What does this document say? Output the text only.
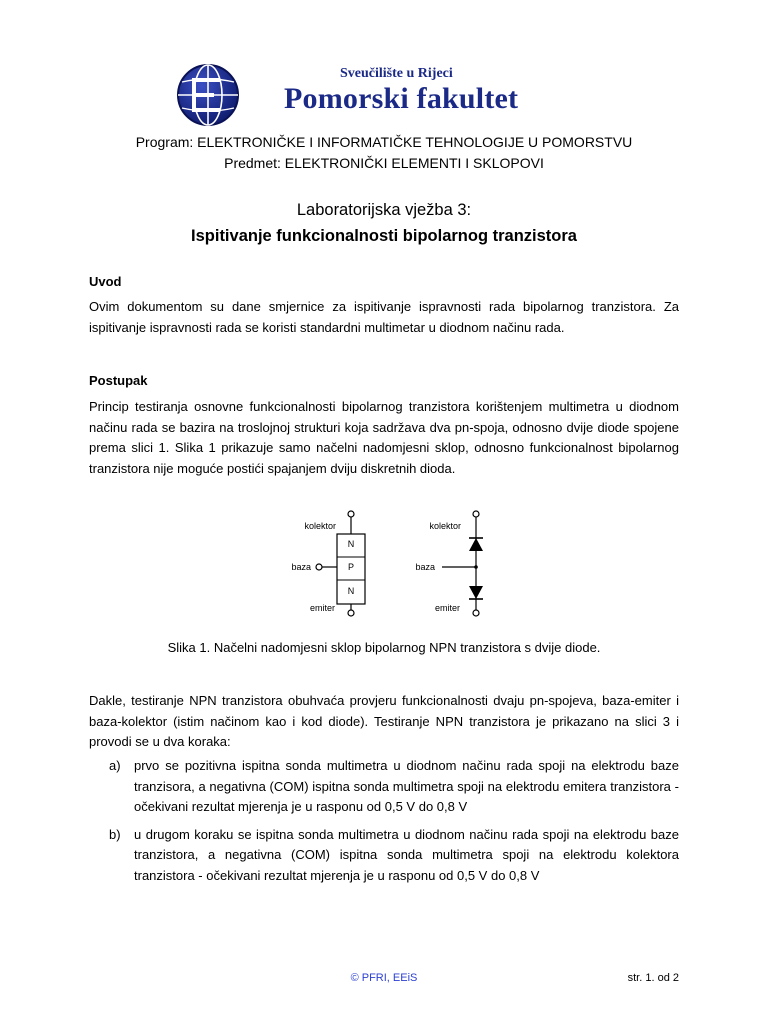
Sveučilište u Rijeci
Pomorski fakultet
Program: ELEKTRONIČKE I INFORMATIČKE TEHNOLOGIJE U POMORSTVU
Predmet: ELEKTRONIČKI ELEMENTI I SKLOPOVI
Laboratorijska vježba 3:
Ispitivanje funkcionalnosti bipolarnog tranzistora
Uvod
Ovim dokumentom su dane smjernice za ispitivanje ispravnosti rada bipolarnog tranzistora. Za ispitivanje ispravnosti rada se koristi standardni multimetar u diodnom načinu rada.
Postupak
Princip testiranja osnovne funkcionalnosti bipolarnog tranzistora korištenjem multimetra u diodnom načinu rada se bazira na troslojnoj strukturi koja sadržava dva pn-spoja, odnosno dvije diode spojene prema slici 1. Slika 1 prikazuje samo načelni nadomjesni sklop, odnosno funkcionalnost bipolarnog tranzistora nije moguće postići spajanjem dviju diskretnih dioda.
N
P
N
kolektor
baza
emiter
kolektor
baza
emiter
Slika 1. Načelni nadomjesni sklop bipolarnog NPN tranzistora s dvije diode.
Dakle, testiranje NPN tranzistora obuhvaća provjeru funkcionalnosti dvaju pn-spojeva, baza-emiter i baza-kolektor (istim načinom kao i kod diode). Testiranje NPN tranzistora je prikazano na slici 3 i provodi se u dva koraka:
a) prvo se pozitivna ispitna sonda multimetra u diodnom načinu rada spoji na elektrodu baze tranzisora, a negativna (COM) ispitna sonda multimetra spoji na elektrodu emitera tranzistora - očekivani rezultat mjerenja je u rasponu od 0,5 V do 0,8 V
b) u drugom koraku se ispitna sonda multimetra u diodnom načinu rada spoji na elektrodu baze tranzistora, a negativna (COM) ispitna sonda multimetra spoji na elektrodu kolektora tranzistora - očekivani rezultat mjerenja je u rasponu od 0,5 V do 0,8 V
© PFRI, EEiS	str. 1. od 2
